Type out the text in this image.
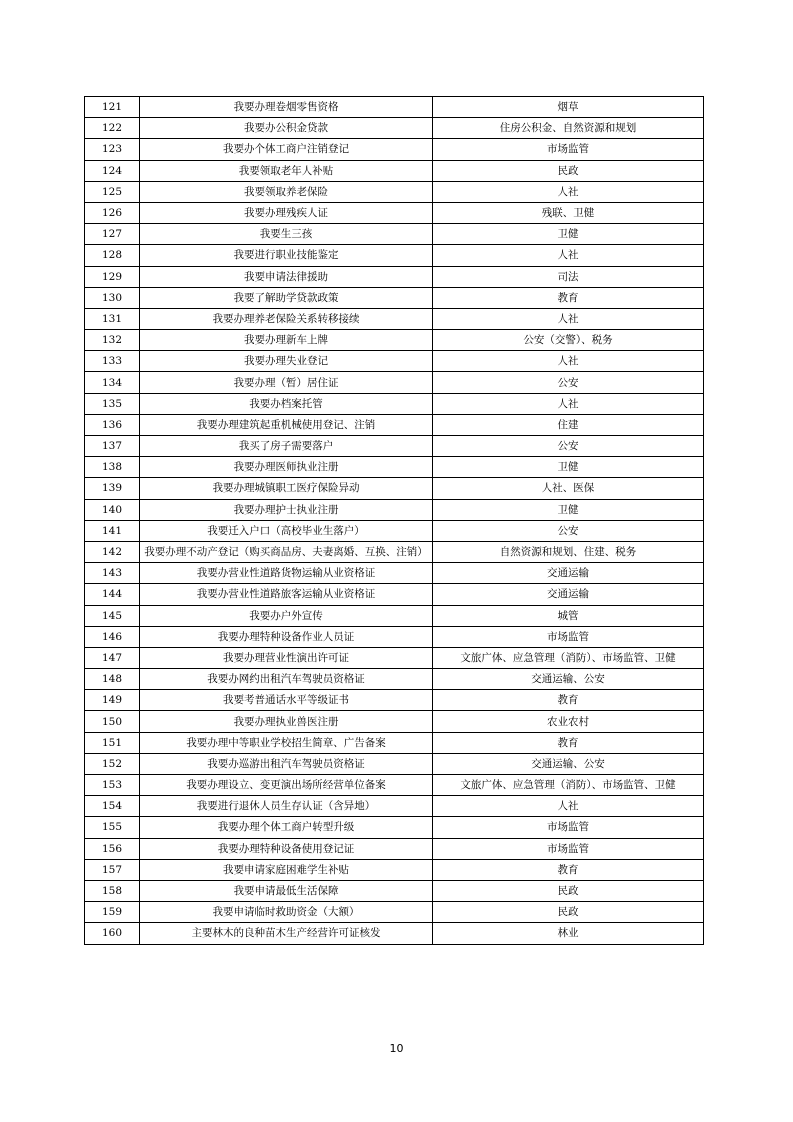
121	我要办理卷烟零售资格	烟草
122	我要办公积金贷款	住房公积金、自然资源和规划
123	我要办个体工商户注销登记	市场监管
124	我要领取老年人补贴	民政
125	我要领取养老保险	人社
126	我要办理残疾人证	残联、卫健
127	我要生三孩	卫健
128	我要进行职业技能鉴定	人社
129	我要申请法律援助	司法
130	我要了解助学贷款政策	教育
131	我要办理养老保险关系转移接续	人社
132	我要办理新车上牌	公安（交警）、税务
133	我要办理失业登记	人社
134	我要办理（暂）居住证	公安
135	我要办档案托管	人社
136	我要办理建筑起重机械使用登记、注销	住建
137	我买了房子需要落户	公安
138	我要办理医师执业注册	卫健
139	我要办理城镇职工医疗保险异动	人社、医保
140	我要办理护士执业注册	卫健
141	我要迁入户口（高校毕业生落户）	公安
142	我要办理不动产登记（购买商品房、夫妻离婚、互换、注销）	自然资源和规划、住建、税务
143	我要办营业性道路货物运输从业资格证	交通运输
144	我要办营业性道路旅客运输从业资格证	交通运输
145	我要办户外宣传	城管
146	我要办理特种设备作业人员证	市场监管
147	我要办理营业性演出许可证	文旅广体、应急管理（消防）、市场监管、卫健
148	我要办网约出租汽车驾驶员资格证	交通运输、公安
149	我要考普通话水平等级证书	教育
150	我要办理执业兽医注册	农业农村
151	我要办理中等职业学校招生简章、广告备案	教育
152	我要办巡游出租汽车驾驶员资格证	交通运输、公安
153	我要办理设立、变更演出场所经营单位备案	文旅广体、应急管理（消防）、市场监管、卫健
154	我要进行退休人员生存认证（含异地）	人社
155	我要办理个体工商户转型升级	市场监管
156	我要办理特种设备使用登记证	市场监管
157	我要申请家庭困难学生补贴	教育
158	我要申请最低生活保障	民政
159	我要申请临时救助资金（大额）	民政
160	主要林木的良种苗木生产经营许可证核发	林业
10
